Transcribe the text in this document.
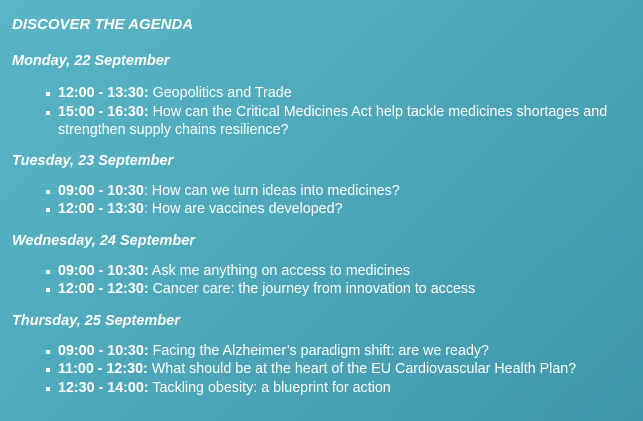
DISCOVER THE AGENDA

Monday, 22 September

12:00 - 13:30: Geopolitics and Trade
15:00 - 16:30: How can the Critical Medicines Act help tackle medicines shortages and strengthen supply chains resilience?

Tuesday, 23 September

09:00 - 10:30: How can we turn ideas into medicines?
12:00 - 13:30: How are vaccines developed?

Wednesday, 24 September

09:00 - 10:30: Ask me anything on access to medicines
12:00 - 12:30: Cancer care: the journey from innovation to access

Thursday, 25 September

09:00 - 10:30: Facing the Alzheimer’s paradigm shift: are we ready?
11:00 - 12:30: What should be at the heart of the EU Cardiovascular Health Plan?
12:30 - 14:00: Tackling obesity: a blueprint for action
